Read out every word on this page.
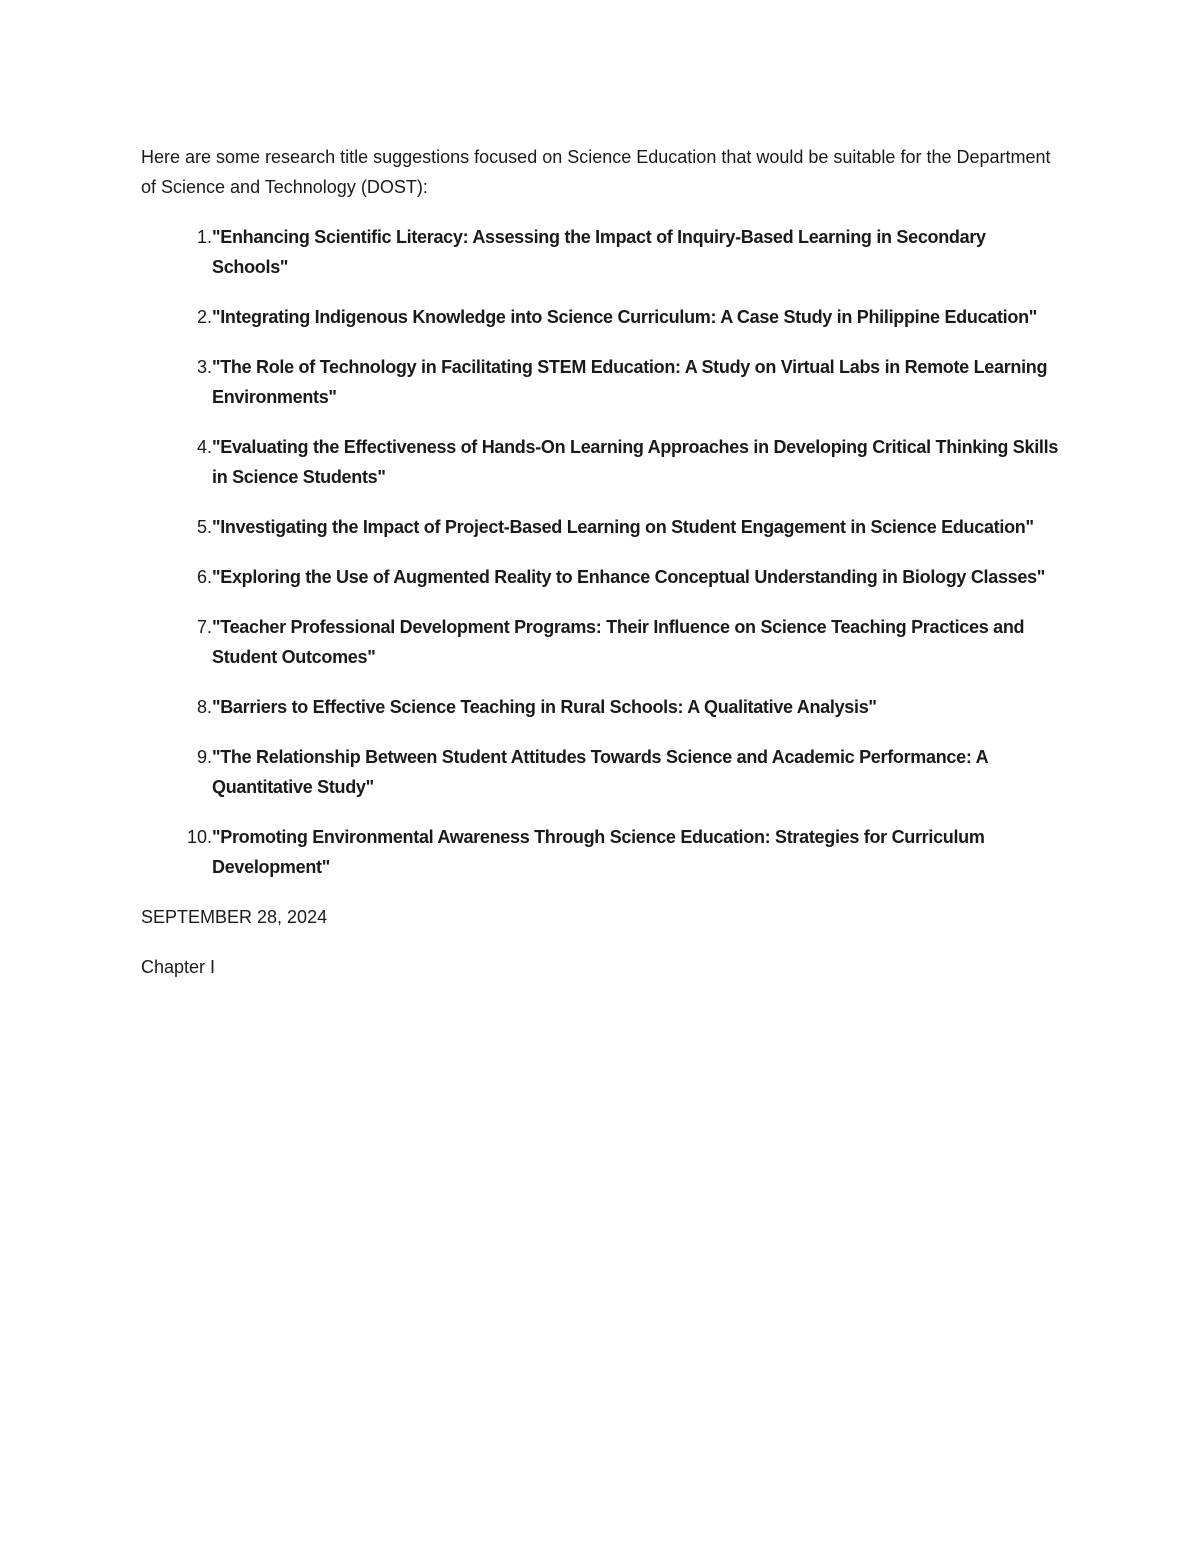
Here are some research title suggestions focused on Science Education that would be suitable for the Department of Science and Technology (DOST):

1. "Enhancing Scientific Literacy: Assessing the Impact of Inquiry-Based Learning in Secondary Schools"
2. "Integrating Indigenous Knowledge into Science Curriculum: A Case Study in Philippine Education"
3. "The Role of Technology in Facilitating STEM Education: A Study on Virtual Labs in Remote Learning Environments"
4. "Evaluating the Effectiveness of Hands-On Learning Approaches in Developing Critical Thinking Skills in Science Students"
5. "Investigating the Impact of Project-Based Learning on Student Engagement in Science Education"
6. "Exploring the Use of Augmented Reality to Enhance Conceptual Understanding in Biology Classes"
7. "Teacher Professional Development Programs: Their Influence on Science Teaching Practices and Student Outcomes"
8. "Barriers to Effective Science Teaching in Rural Schools: A Qualitative Analysis"
9. "The Relationship Between Student Attitudes Towards Science and Academic Performance: A Quantitative Study"
10. "Promoting Environmental Awareness Through Science Education: Strategies for Curriculum Development"

SEPTEMBER 28, 2024

Chapter I
